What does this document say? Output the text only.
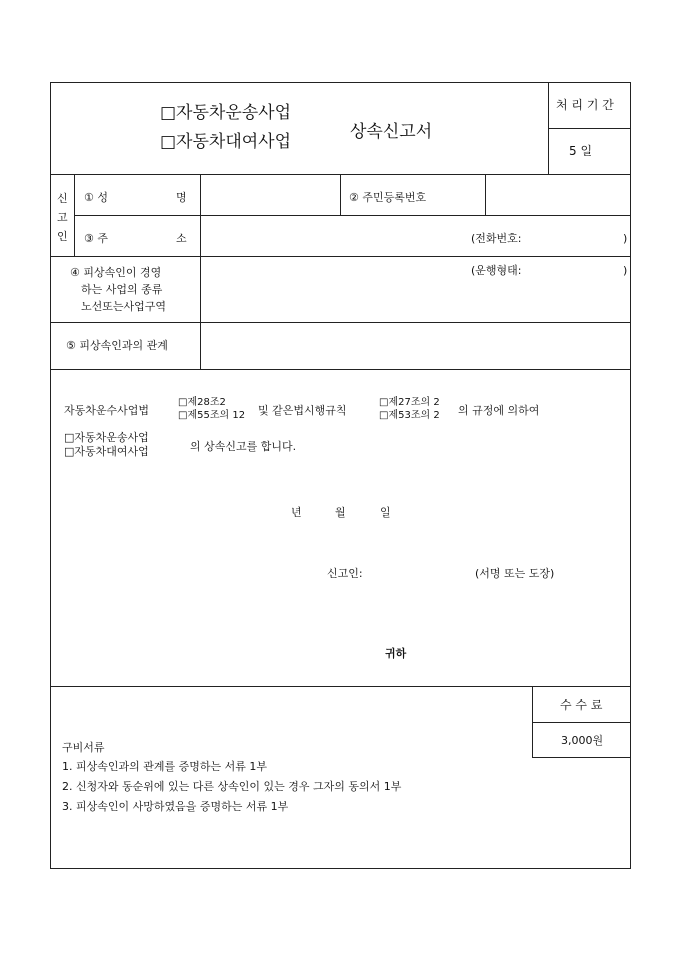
□자동차운송사업
□자동차대여사업	상속신고서
처 리 기 간
5 일
신
고
인
① 성	명	② 주민등록번호
③ 주	소	(전화번호:	)
④ 피상속인이 경영
하는 사업의 종류
노선또는사업구역
(운행형태:	)
⑤ 피상속인과의 관계
자동차운수사업법
□제28조2
□제55조의 12 및 같은법시행규칙
□제27조의 2
□제53조의 2 의 규정에 의하여
□자동차운송사업
□자동차대여사업	의 상속신고를 합니다.
년	월	일
신고인:	(서명 또는 도장)
귀하
수 수 료
3,000원
구비서류
1. 피상속인과의 관계를 증명하는 서류 1부
2. 신청자와 동순위에 있는 다른 상속인이 있는 경우 그자의 동의서 1부
3. 피상속인이 사망하였음을 증명하는 서류 1부
